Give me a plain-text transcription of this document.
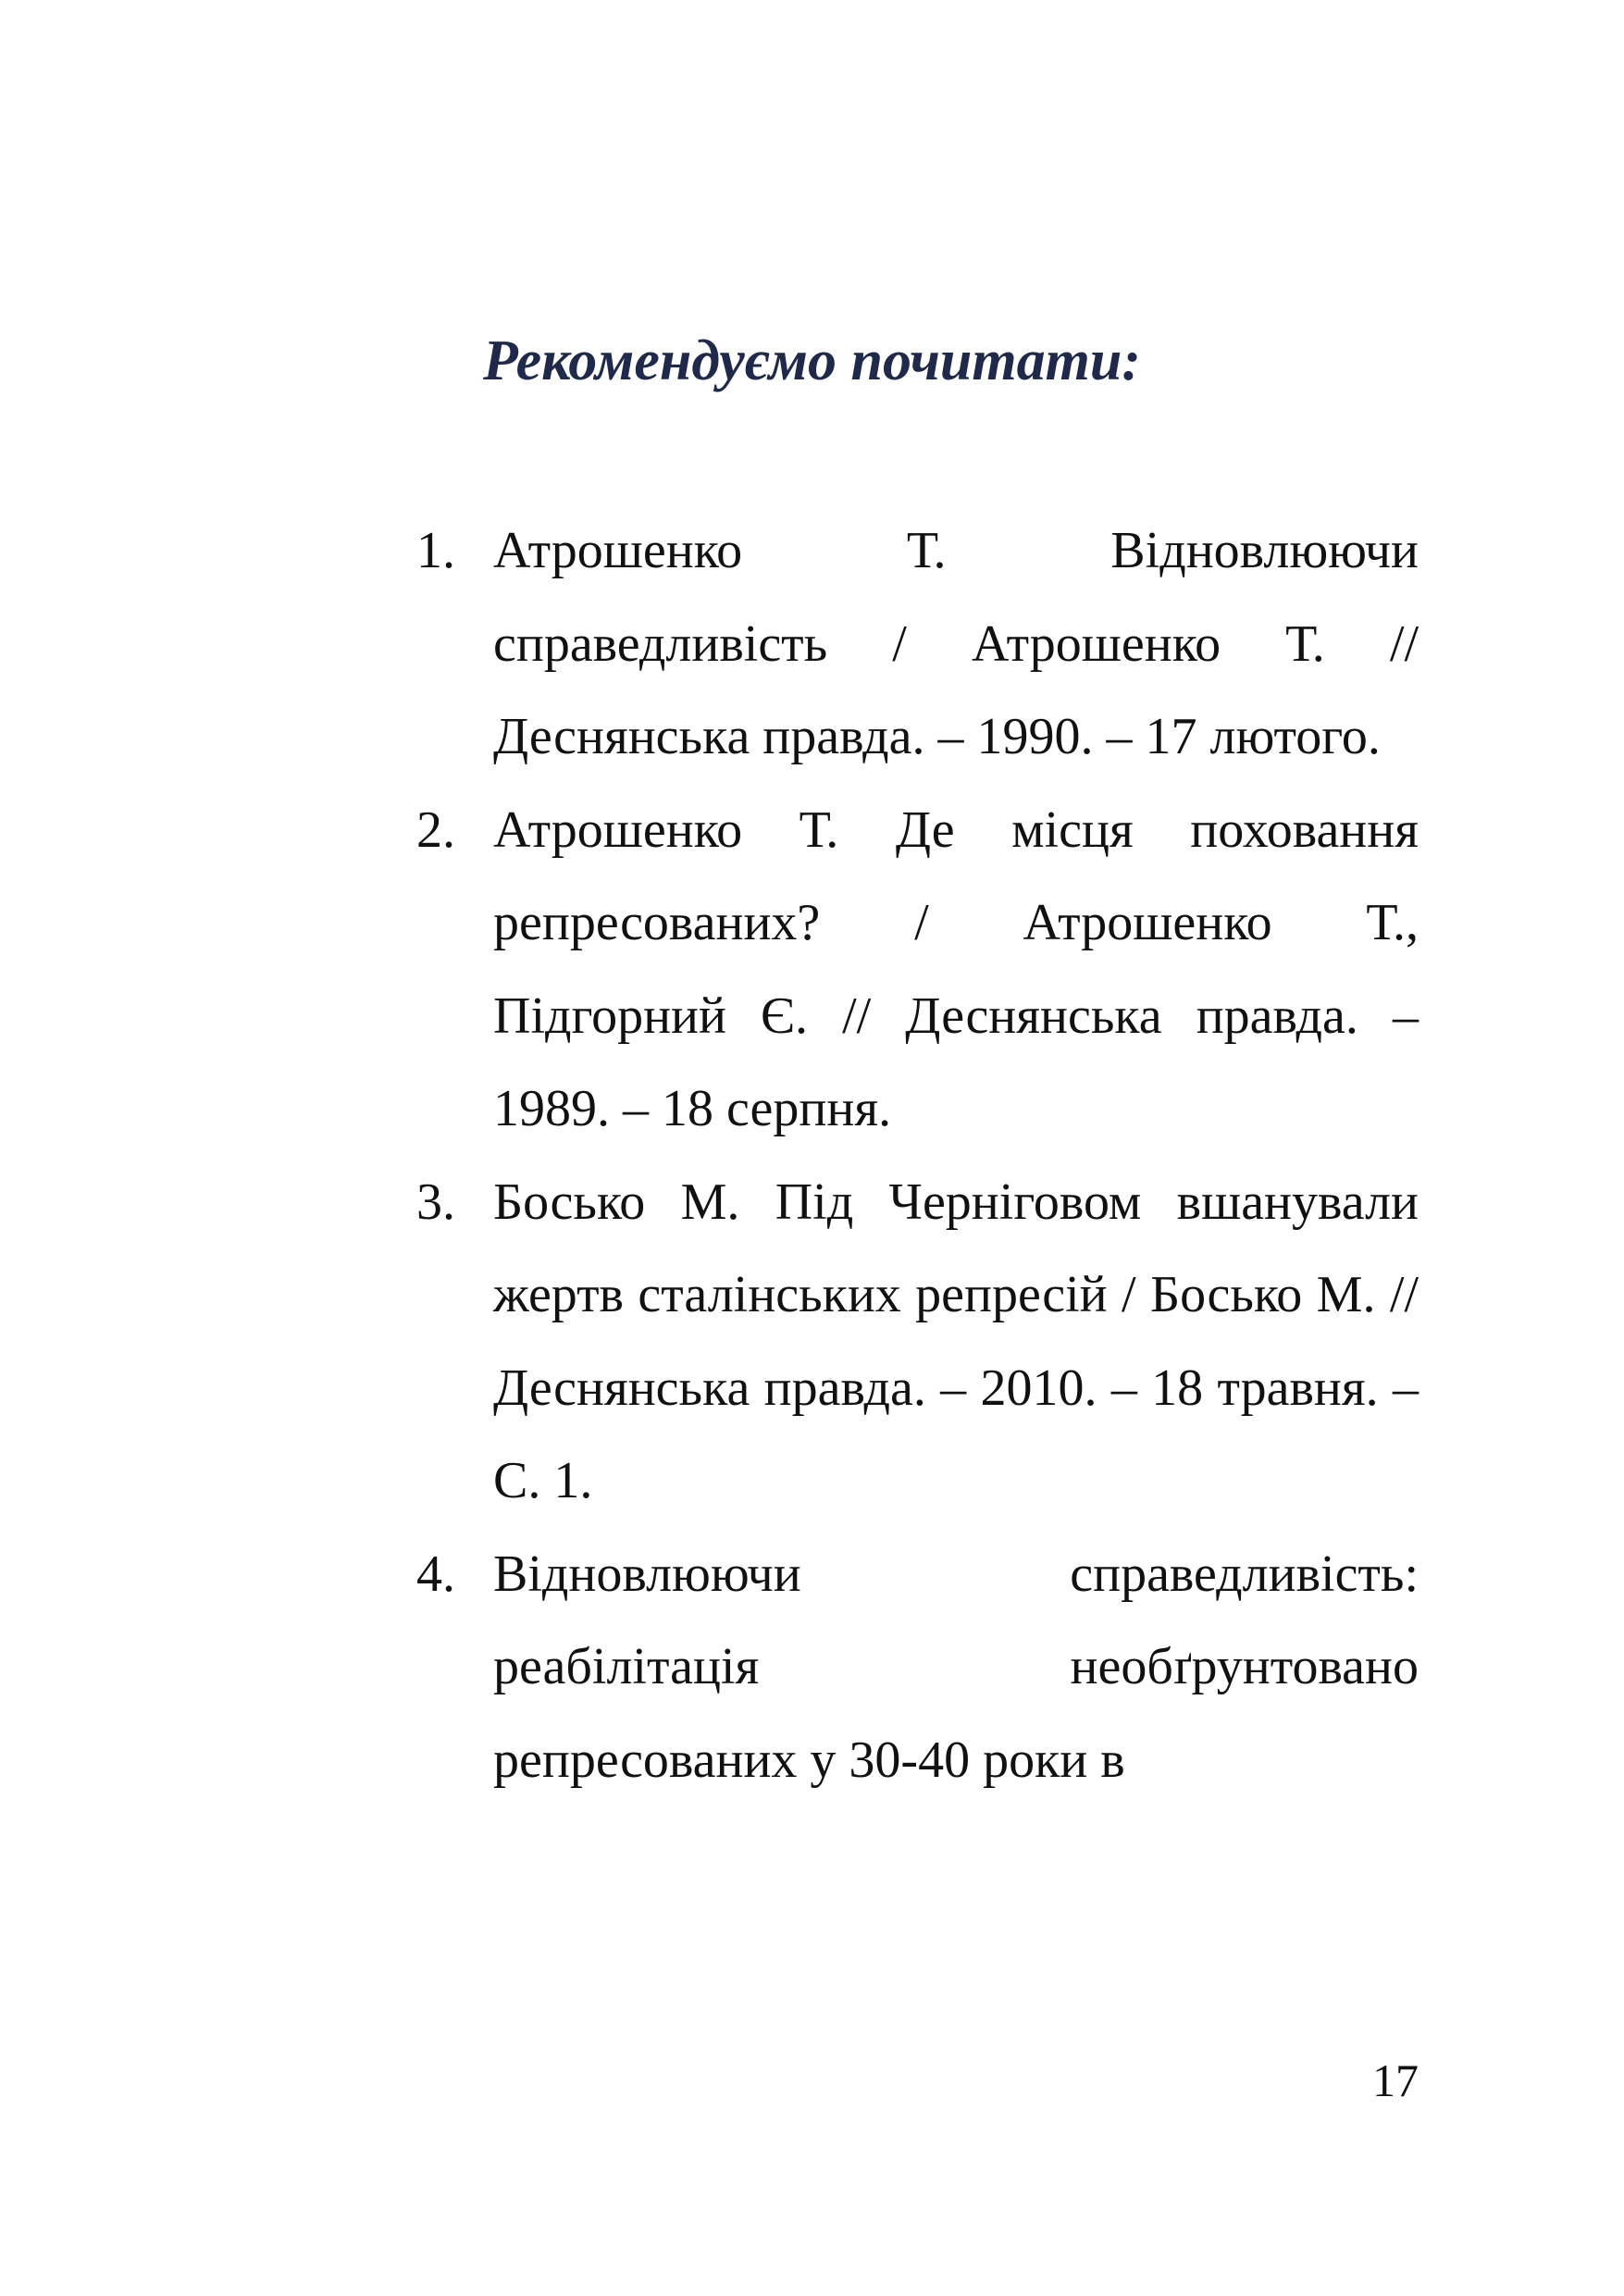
Рекомендуємо почитати:
1. Атрошенко Т. Відновлюючи справедливість / Атрошенко Т. // Деснянська правда. – 1990. – 17 лютого.
2. Атрошенко Т. Де місця поховання репресованих? / Атрошенко Т., Підгорний Є. // Деснянська правда. – 1989. – 18 серпня.
3. Босько М. Під Черніговом вшанували жертв сталінських репресій / Босько М. // Деснянська правда. – 2010. – 18 травня. – С. 1.
4. Відновлюючи справедливість: реабілітація необґрунтовано репресованих у 30-40 роки в
17
